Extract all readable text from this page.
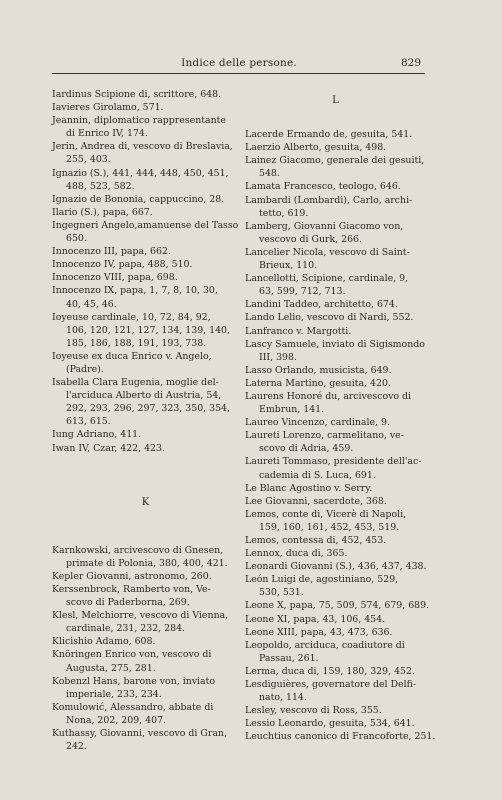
Indice delle persone.	829
Iardinus Scipione di, scrittore, 648.
Iavieres Girolamo, 571.
Jeannin, diplomatico rappresentante

di Enrico IV, 174.
Jerin, Andrea di, vescovo di Breslavia,

255, 403.
Ignazio (S.), 441, 444, 448, 450, 451,

488, 523, 582.
Ignazio de Bononia, cappuccino, 28.
Ilario (S.), papa, 667.
Ingegneri Angelo,amanuense del Tasso

650.
Innocenzo III, papa, 662.
Innocenzo IV, papa, 488, 510.
Innocenzo VIII, papa, 698.
Innocenzo IX, papa, 1, 7, 8, 10, 30,

40, 45, 46.
Ioyeuse cardinale, 10, 72, 84, 92,

106, 120, 121, 127, 134, 139, 140,
185, 186, 188, 191, 193, 738.
Ioyeuse ex duca Enrico v. Angelo,

(Padre).
Isabella Clara Eugenia, moglie del-

l'arciduca Alberto di Austria, 54,
292, 293, 296, 297, 323, 350, 354,
613, 615.
Iung Adriano, 411.
Iwan IV, Czar, 422, 423.
K
Karnkowski, arcivescovo di Gnesen,

primate di Polonia, 380, 400, 421.
Kepler Giovanni, astronomo, 260.
Kerssenbrock, Ramberto von, Ve-

scovo di Paderborna, 269.
Klesl, Melchiorre, vescovo di Vienna,

cardinale, 231, 232, 284.
Klicishio Adamo, 608.
Knöringen Enrico von, vescovo di

Augusta, 275, 281.
Kobenzl Hans, barone von, inviato

imperiale, 233, 234.
Komulowić, Alessandro, abbate di

Nona, 202, 209, 407.
Kuthassy, Giovanni, vescovo di Gran,

242.
L
Lacerde Ermando de, gesuita, 541.
Laerzio Alberto, gesuita, 498.
Lainez Giacomo, generale dei gesuiti,

548.
Lamata Francesco, teologo, 646.
Lambardi (Lombardi), Carlo, archi-

tetto, 619.
Lamberg, Giovanni Giacomo von,

vescovo di Gurk, 266.
Lancelier Nicola, vescovo di Saint-

Brieux, 110.
Lancellotti, Scipione, cardinale, 9,

63, 599, 712, 713.
Landini Taddeo, architetto, 674.
Lando Lelio, vescovo di Nardi, 552.
Lanfranco v. Margotti.
Lascy Samuele, inviato di Sigismondo

III, 398.
Lasso Orlando, musicista, 649.
Laterna Martino, gesuita, 420.
Laurens Honoré du, arcivescovo di

Embrun, 141.
Laureo Vincenzo, cardinale, 9.
Laureti Lorenzo, carmelitano, ve-

scovo di Adria, 459.
Laureti Tommaso, presidente dell'ac-

cademia di S. Luca, 691.
Le Blanc Agostino v. Serry.
Lee Giovanni, sacerdote, 368.
Lemos, conte di, Vicerè di Napoli,

159, 160, 161, 452, 453, 519.
Lemos, contessa di, 452, 453.
Lennox, duca di, 365.
Leonardi Giovanni (S.), 436, 437, 438.
León Luigi de, agostiniano, 529,

530, 531.
Leone X, papa, 75, 509, 574, 679, 689.
Leone XI, papa, 43, 106, 454.
Leone XIII, papa, 43, 473, 636.
Leopoldo, arciduca, coadiutore di

Passau, 261.
Lerma, duca di, 159, 180, 329, 452.
Lesdiguières, governatore del Delfi-

nato, 114.
Lesley, vescovo di Ross, 355.
Lessio Leonardo, gesuita, 534, 641.
Leuchtius canonico di Francoforte, 251.
